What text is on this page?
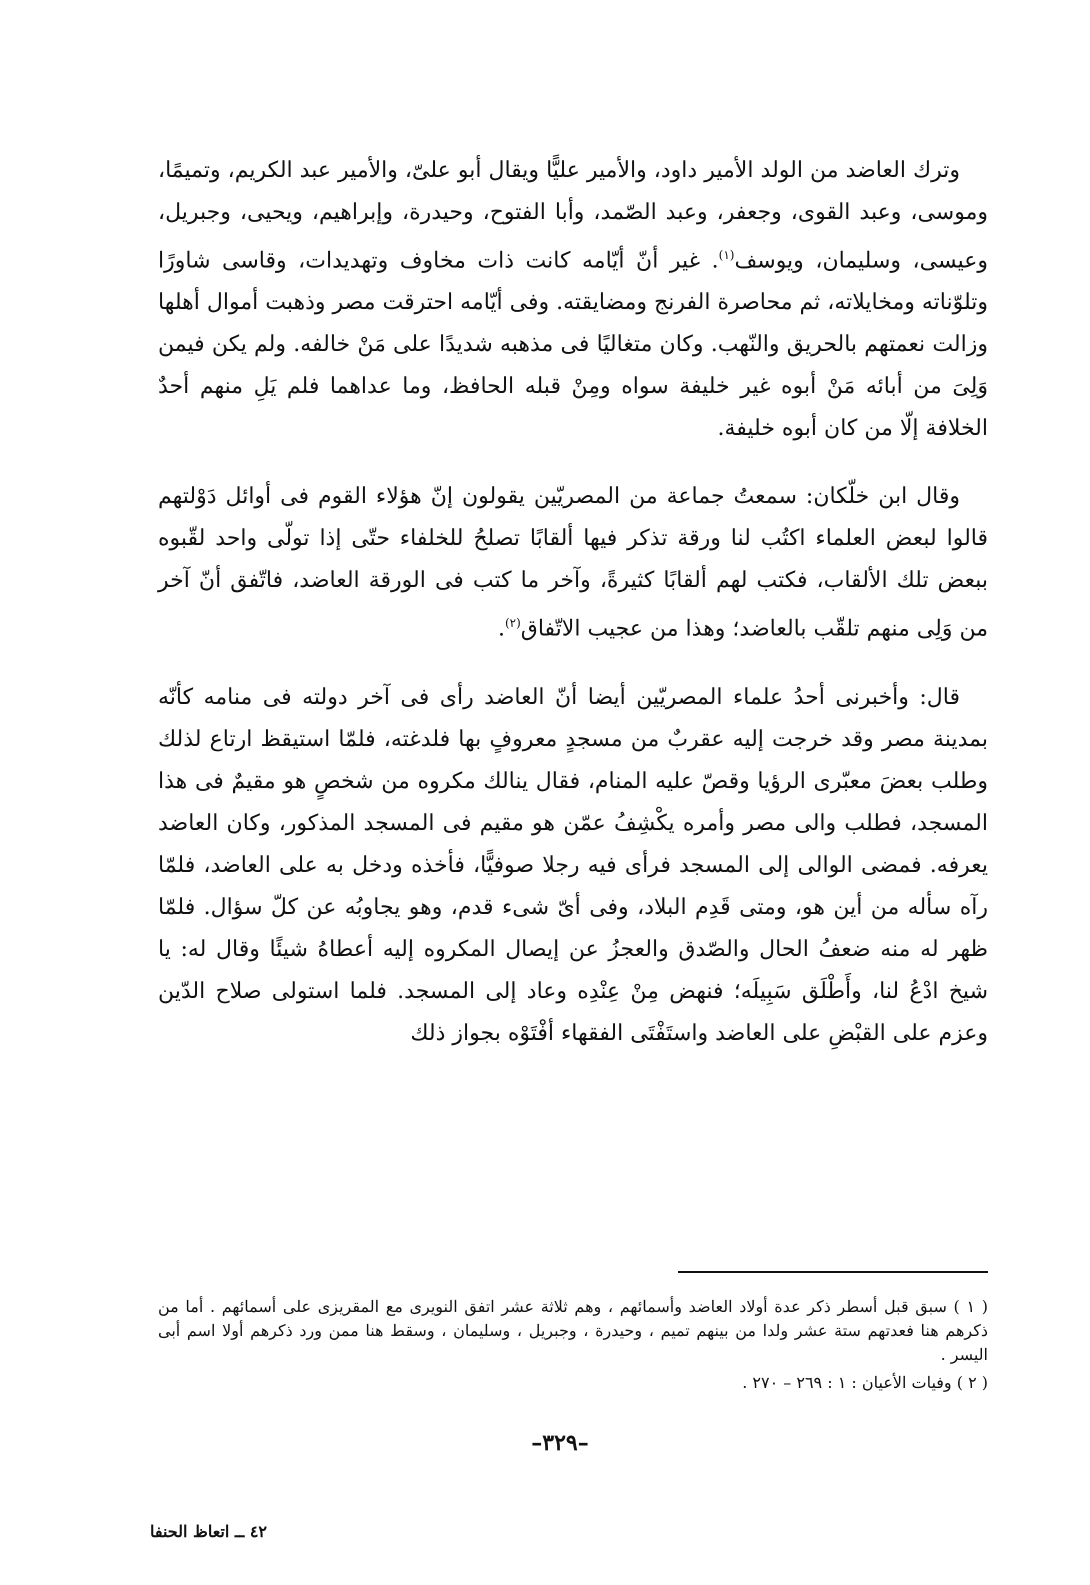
وترك العاضد من الولد الأمير داود، والأمير عليًّا ويقال أبو علىّ، والأمير عبد الكريم، وتميمًا، وموسى، وعبد القوى، وجعفر، وعبد الصّمد، وأبا الفتوح، وحيدرة، وإبراهيم، ويحيى، وجبريل، وعيسى، وسليمان، ويوسف$^{(١)}$. غير أنّ أيّامه كانت ذات مخاوف وتهديدات، وقاسى شاورًا وتلوّناته ومخايلاته، ثم محاصرة الفرنج ومضايقته. وفى أيّامه احترقت مصر وذهبت أموال أهلها وزالت نعمتهم بالحريق والنّهب. وكان متغاليًا فى مذهبه شديدًا على مَنْ خالفه. ولم يكن فيمن وَلِىَ من أبائه مَنْ أبوه غير خليفة سواه ومِنْ قبله الحافظ، وما عداهما فلم يَلِ منهم أحدٌ الخلافة إلّا من كان أبوه خليفة.

وقال ابن خلّكان: سمعتُ جماعة من المصريّين يقولون إنّ هؤلاء القوم فى أوائل دَوْلتهم قالوا لبعض العلماء اكتُب لنا ورقة تذكر فيها ألقابًا تصلحُ للخلفاء حتّى إذا تولّى واحد لقّبوه ببعض تلك الألقاب، فكتب لهم ألقابًا كثيرةً، وآخر ما كتب فى الورقة العاضد، فاتّفق أنّ آخر من وَلِى منهم تلقّب بالعاضد؛ وهذا من عجيب الاتّفاق$^{(٢)}$.

قال: وأخبرنى أحدُ علماء المصريّين أيضا أنّ العاضد رأى فى آخر دولته فى منامه كأنّه بمدينة مصر وقد خرجت إليه عقربٌ من مسجدٍ معروفٍ بها فلدغته، فلمّا استيقظ ارتاع لذلك وطلب بعضَ معبّرى الرؤيا وقصّ عليه المنام، فقال ينالك مكروه من شخصٍ هو مقيمٌ فى هذا المسجد، فطلب والى مصر وأمره يكْشِفُ عمّن هو مقيم فى المسجد المذكور، وكان العاضد يعرفه. فمضى الوالى إلى المسجد فرأى فيه رجلا صوفيًّا، فأخذه ودخل به على العاضد، فلمّا رآه سأله من أين هو، ومتى قَدِم البلاد، وفى أىّ شىء قدم، وهو يجاوبُه عن كلّ سؤال. فلمّا ظهر له منه ضعفُ الحال والصّدق والعجزُ عن إيصال المكروه إليه أعطاهُ شيئًا وقال له: يا شيخ ادْعُ لنا، وأَطْلَق سَبِيلَه؛ فنهض مِنْ عِنْدِه وعاد إلى المسجد. فلما استولى صلاح الدّين وعزم على القبْضِ على العاضد واستَفْتَى الفقهاء أفْتَوْه بجواز ذلك

( ١ ) سبق قبل أسطر ذكر عدة أولاد العاضد وأسمائهم ، وهم ثلاثة عشر اتفق النويرى مع المقريزى على أسمائهم . أما من ذكرهم هنا فعدتهم ستة عشر ولدا من بينهم تميم ، وحيدرة ، وجبريل ، وسليمان ، وسقط هنا ممن ورد ذكرهم أولا اسم أبى اليسر .

( ٢ ) وفيات الأعيان : ١ : ٢٦٩ – ٢٧٠ .

–٣٢٩–
٤٢ ــ اتعاظ الحنفا
